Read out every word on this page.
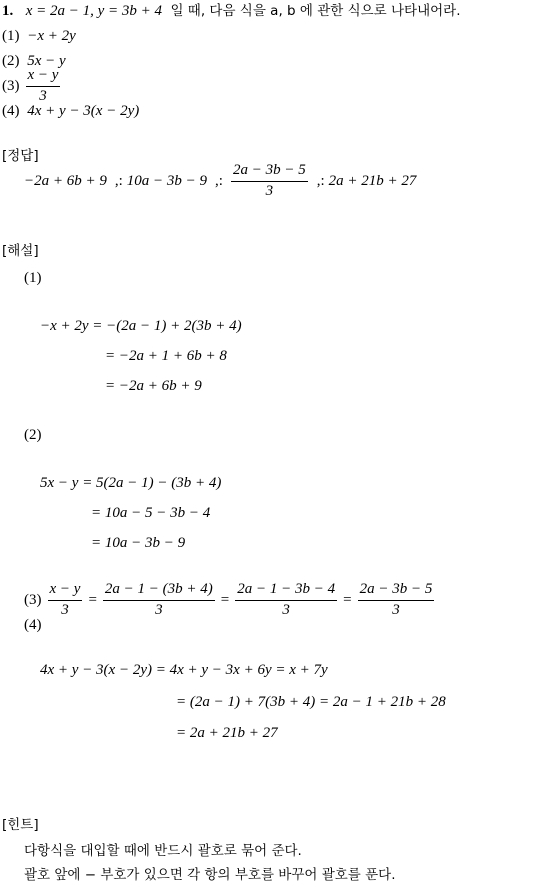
1. x = 2a − 1, y = 3b + 4 일 때, 다음 식을 a, b 에 관한 식으로 나타내어라.
(1) −x + 2y
(2) 5x − y
$(3) \frac{x - y}{3}$
(4) 4x + y − 3(x − 2y)
[정답]
−2a + 6b + 9 ,: 10a − 3b − 9 ,: $\frac{2a - 3b - 5}{3}$ ,: 2a + 21b + 27
[해설]
(1)
−x + 2y = −(2a − 1) + 2(3b + 4)
= −2a + 1 + 6b + 8
= −2a + 6b + 9
(2)
5x − y = 5(2a − 1) − (3b + 4)
= 10a − 5 − 3b − 4
= 10a − 3b − 9
$(3) \frac{x - y}{3} = \frac{2a - 1 - (3b + 4)}{3} = \frac{2a - 1 - 3b - 4}{3} = \frac{2a - 3b - 5}{3}$
(4)
4x + y − 3(x − 2y) = 4x + y − 3x + 6y = x + 7y
= (2a − 1) + 7(3b + 4) = 2a − 1 + 21b + 28
= 2a + 21b + 27
[힌트]
다항식을 대입할 때에 반드시 괄호로 묶어 준다.
괄호 앞에 − 부호가 있으면 각 항의 부호를 바꾸어 괄호를 푼다.
